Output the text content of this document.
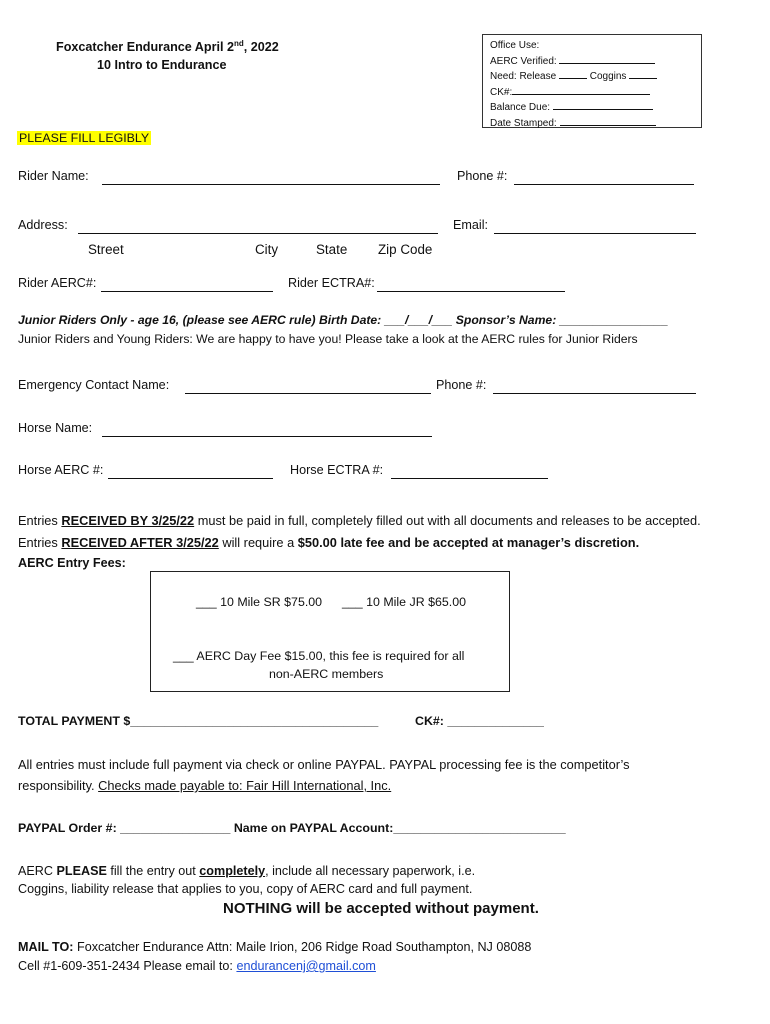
Foxcatcher Endurance April 2nd, 2022
10 Intro to Endurance
Office Use:
AERC Verified:
Need: Release	Coggins
CK#:
Balance Due:
Date Stamped:
PLEASE FILL LEGIBLY
Rider Name:	Phone #:
Address:	Email:
Street	City	State Zip Code
Rider AERC#:	Rider ECTRA#:
Junior Riders Only - age 16, (please see AERC rule) Birth Date: ___/___/___ Sponsor’s Name: ________________
Junior Riders and Young Riders: We are happy to have you! Please take a look at the AERC rules for Junior Riders
Emergency Contact Name:	Phone #:
Horse Name:
Horse AERC #:	Horse ECTRA #:
Entries RECEIVED BY 3/25/22 must be paid in full, completely filled out with all documents and releases to be accepted.
Entries RECEIVED AFTER 3/25/22 will require a $50.00 late fee and be accepted at manager’s discretion.
AERC Entry Fees:
___ 10 Mile SR $75.00 ___ 10 Mile JR $65.00
___ AERC Day Fee $15.00, this fee is required for all
non-AERC members
TOTAL PAYMENT $____________________________________	CK#: ______________
All entries must include full payment via check or online PAYPAL. PAYPAL processing fee is the competitor’s
responsibility. Checks made payable to: Fair Hill International, Inc.
PAYPAL Order #: ________________ Name on PAYPAL Account:_________________________
AERC PLEASE fill the entry out completely, include all necessary paperwork, i.e.
Coggins, liability release that applies to you, copy of AERC card and full payment.
NOTHING will be accepted without payment.
MAIL TO: Foxcatcher Endurance Attn: Maile Irion, 206 Ridge Road Southampton, NJ 08088
Cell #1-609-351-2434 Please email to: endurancenj@gmail.com
